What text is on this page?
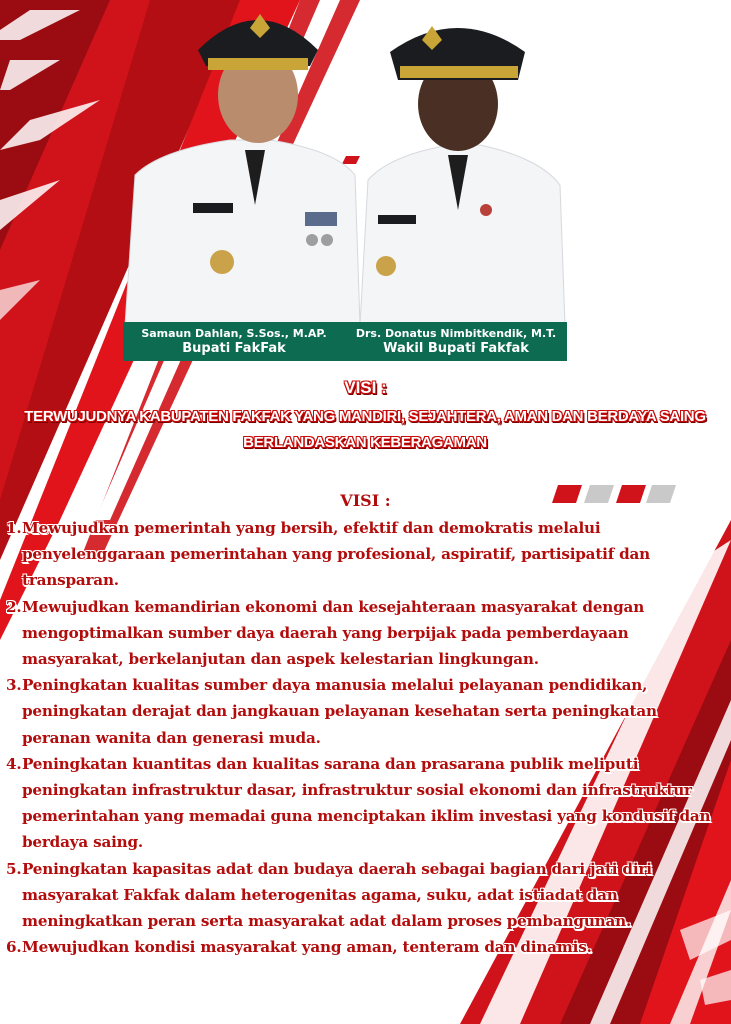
Samaun Dahlan, S.Sos., M.AP.
Bupati FakFak
Drs. Donatus Nimbitkendik, M.T.
Wakil Bupati Fakfak
VISI :
TERWUJUDNYA KABUPATEN FAKFAK YANG MANDIRI, SEJAHTERA, AMAN DAN BERDAYA SAING BERLANDASKAN KEBERAGAMAN
VISI :
1. Mewujudkan pemerintah yang bersih, efektif dan demokratis melalui penyelenggaraan pemerintahan yang profesional, aspiratif, partisipatif dan transparan.
2. Mewujudkan kemandirian ekonomi dan kesejahteraan masyarakat dengan mengoptimalkan sumber daya daerah yang berpijak pada pemberdayaan masyarakat, berkelanjutan dan aspek kelestarian lingkungan.
3. Peningkatan kualitas sumber daya manusia melalui pelayanan pendidikan, peningkatan derajat dan jangkauan pelayanan kesehatan serta peningkatan peranan wanita dan generasi muda.
4. Peningkatan kuantitas dan kualitas sarana dan prasarana publik meliputi peningkatan infrastruktur dasar, infrastruktur sosial ekonomi dan infrastruktur pemerintahan yang memadai guna menciptakan iklim investasi yang kondusif dan berdaya saing.
5. Peningkatan kapasitas adat dan budaya daerah sebagai bagian dari jati diri masyarakat Fakfak dalam heterogenitas agama, suku, adat istiadat dan meningkatkan peran serta masyarakat adat dalam proses pembangunan.
6. Mewujudkan kondisi masyarakat yang aman, tenteram dan dinamis.
